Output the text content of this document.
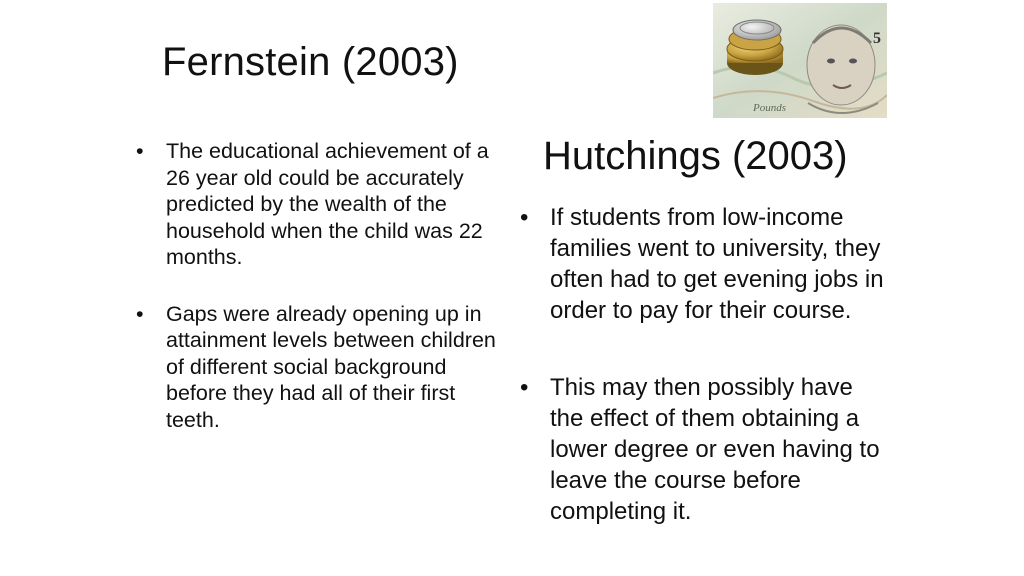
Fernstein (2003)
• The educational achievement of a 26 year old could be accurately predicted by the wealth of the household when the child was 22 months.
• Gaps were already opening up in attainment levels between children of different social background before they had all of their first teeth.
5
Pounds
Hutchings (2003)
• If students from low-income families went to university, they often had to get evening jobs in order to pay for their course.
• This may then possibly have the effect of them obtaining a lower degree or even having to leave the course before completing it.
